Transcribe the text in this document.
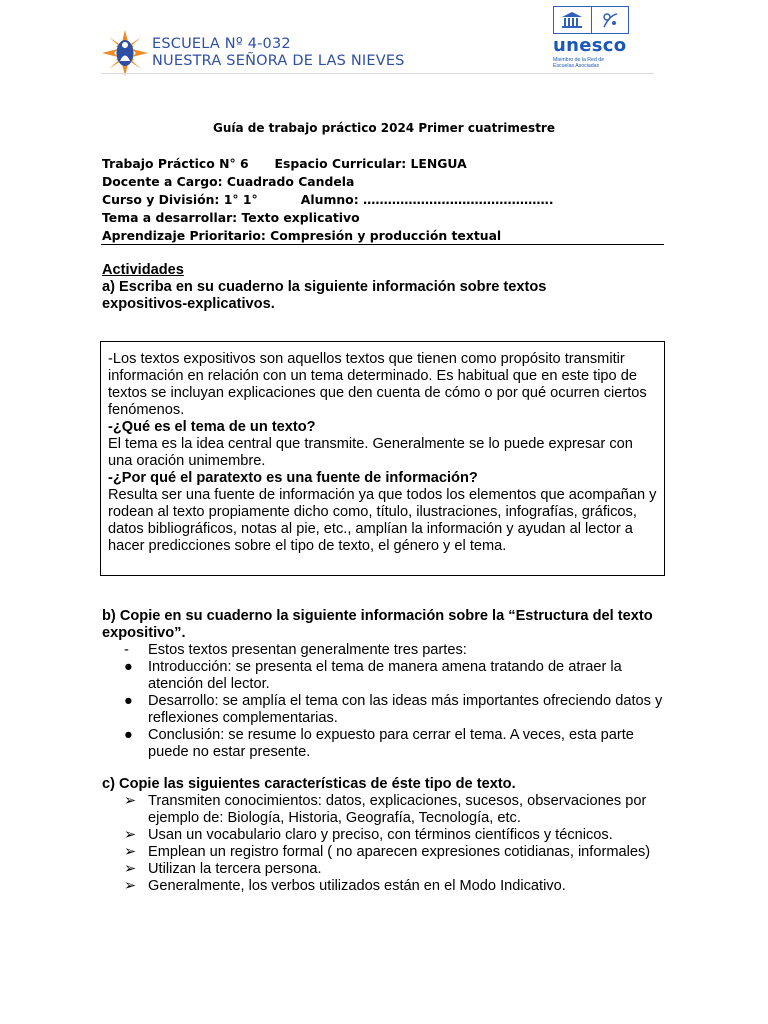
ESCUELA Nº 4-032
NUESTRA SEÑORA DE LAS NIEVES
unesco
Miembro de la Red de
Escuelas Asociadas
Guía de trabajo práctico 2024 Primer cuatrimestre
Trabajo Práctico N° 6 Espacio Curricular: LENGUA
Docente a Cargo: Cuadrado Candela
Curso y División: 1° 1°	Alumno: ……………………………………….
Tema a desarrollar: Texto explicativo
Aprendizaje Prioritario: Compresión y producción textual
Actividades
a) Escriba en su cuaderno la siguiente información sobre textos expositivos-explicativos.

-Los textos expositivos son aquellos textos que tienen como propósito transmitir información en relación con un tema determinado. Es habitual que en este tipo de textos se incluyan explicaciones que den cuenta de cómo o por qué ocurren ciertos fenómenos.

-¿Qué es el tema de un texto?

El tema es la idea central que transmite. Generalmente se lo puede expresar con una oración unimembre.

-¿Por qué el paratexto es una fuente de información?

Resulta ser una fuente de información ya que todos los elementos que acompañan y rodean al texto propiamente dicho como, título, ilustraciones, infografías, gráficos, datos bibliográficos, notas al pie, etc., amplían la información y ayudan al lector a hacer predicciones sobre el tipo de texto, el género y el tema.

b) Copie en su cuaderno la siguiente información sobre la “Estructura del texto expositivo”.
- Estos textos presentan generalmente tres partes:
● Introducción: se presenta el tema de manera amena tratando de atraer la atención del lector.
● Desarrollo: se amplía el tema con las ideas más importantes ofreciendo datos y reflexiones complementarias.
● Conclusión: se resume lo expuesto para cerrar el tema. A veces, esta parte puede no estar presente.
c) Copie las siguientes características de éste tipo de texto.
➢ Transmiten conocimientos: datos, explicaciones, sucesos, observaciones por ejemplo de: Biología, Historia, Geografía, Tecnología, etc.
➢ Usan un vocabulario claro y preciso, con términos científicos y técnicos.
➢ Emplean un registro formal ( no aparecen expresiones cotidianas, informales)
➢ Utilizan la tercera persona.
➢ Generalmente, los verbos utilizados están en el Modo Indicativo.
